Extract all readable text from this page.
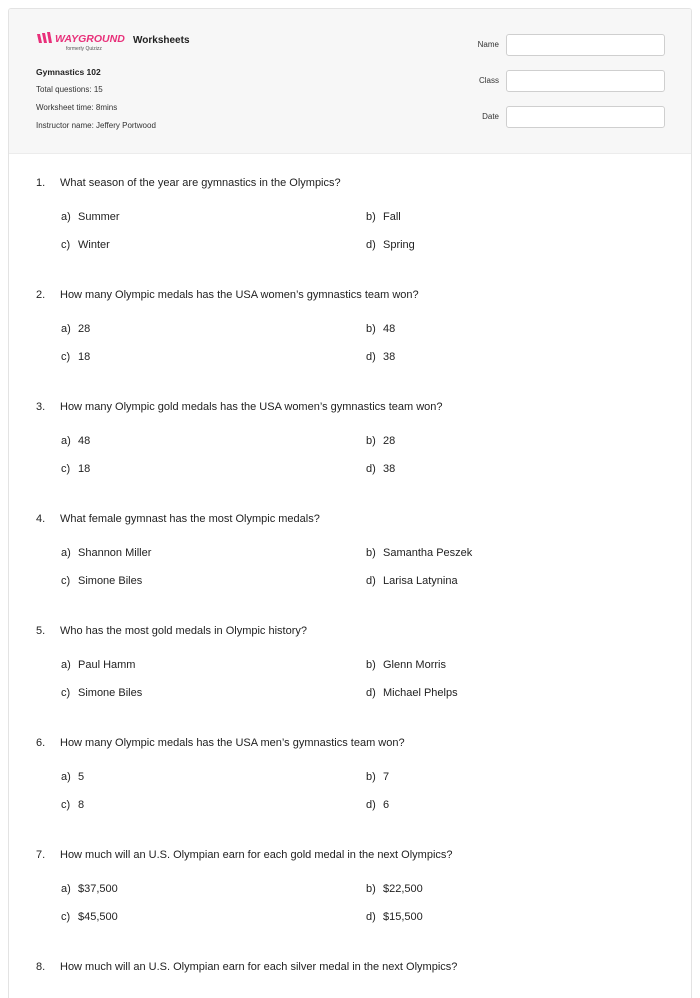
WAYGROUND
formerly Quizizz
Worksheets
Gymnastics 102
Total questions: 15
Worksheet time: 8mins
Instructor name: Jeffery Portwood
Name
Class
Date
1. What season of the year are gymnastics in the Olympics?
a) Summer	b) Fall
c) Winter	d) Spring
2. How many Olympic medals has the USA women’s gymnastics team won?
a) 28	b) 48
c) 18	d) 38
3. How many Olympic gold medals has the USA women’s gymnastics team won?
a) 48	b) 28
c) 18	d) 38
4. What female gymnast has the most Olympic medals?
a) Shannon Miller	b) Samantha Peszek
c) Simone Biles	d) Larisa Latynina
5. Who has the most gold medals in Olympic history?
a) Paul Hamm	b) Glenn Morris
c) Simone Biles	d) Michael Phelps
6. How many Olympic medals has the USA men’s gymnastics team won?
a) 5	b) 7
c) 8	d) 6
7. How much will an U.S. Olympian earn for each gold medal in the next Olympics?
a) $37,500	b) $22,500
c) $45,500	d) $15,500
8. How much will an U.S. Olympian earn for each silver medal in the next Olympics?
